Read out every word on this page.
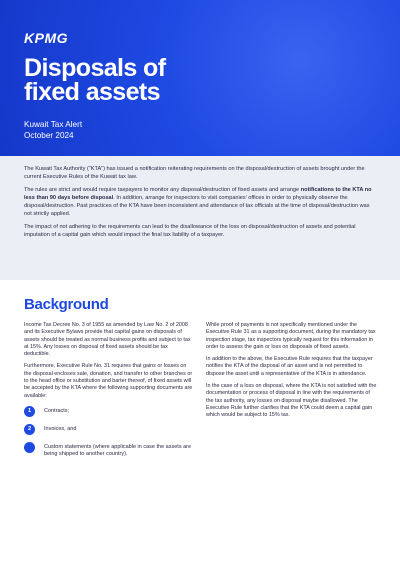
KPMG
Disposals of
fixed assets
Kuwait Tax Alert
October 2024

The Kuwait Tax Authority (“KTA”) has issued a notification reiterating requirements on the disposal/destruction of assets brought under the current Executive Rules of the Kuwait tax law.

The rules are strict and would require taxpayers to monitor any disposal/destruction of fixed assets and arrange notifications to the KTA no less than 90 days before disposal. In addition, arrange for inspectors to visit companies’ offices in order to physically observe the disposal/destruction. Past practices of the KTA have been inconsistent and attendance of tax officials at the time of disposal/destruction was not strictly applied.

The impact of not adhering to the requirements can lead to the disallowance of the loss on disposal/destruction of assets and potential imputation of a capital gain which would impact the final tax liability of a taxpayer.

Background

Income Tax Decree No. 3 of 1955 as amended by Law No. 2 of 2008 and its Executive Bylaws provide that capital gains on disposals of assets should be treated as normal business profits and subject to tax at 15%. Any losses on disposal of fixed assets should be tax deductible.

Furthermore, Executive Rule No. 31 requires that gains or losses on the disposal encloses sale, donation, and transfer to other branches or to the head office or substitution and barter thereof, of fixed assets will be accepted by the KTA where the following supporting documents are available:

1	Contracts;
2	Invoices, and
Custom statements (where applicable in case the assets are being shipped to another country).

While proof of payments is not specifically mentioned under the Executive Rule 31 as a supporting document, during the mandatory tax inspection stage, tax inspectors typically request for this information in order to assess the gain or loss on disposals of fixed assets.

In addition to the above, the Executive Rule requires that the taxpayer notifies the KTA of the disposal of an asset and is not permitted to dispose the asset until a representative of the KTA is in attendance.

In the case of a loss on disposal, where the KTA is not satisfied with the documentation or process of disposal in line with the requirements of the tax authority, any losses on disposal maybe disallowed. The Executive Rule further clarifies that the KTA could deem a capital gain which would be subject to 15% tax.
